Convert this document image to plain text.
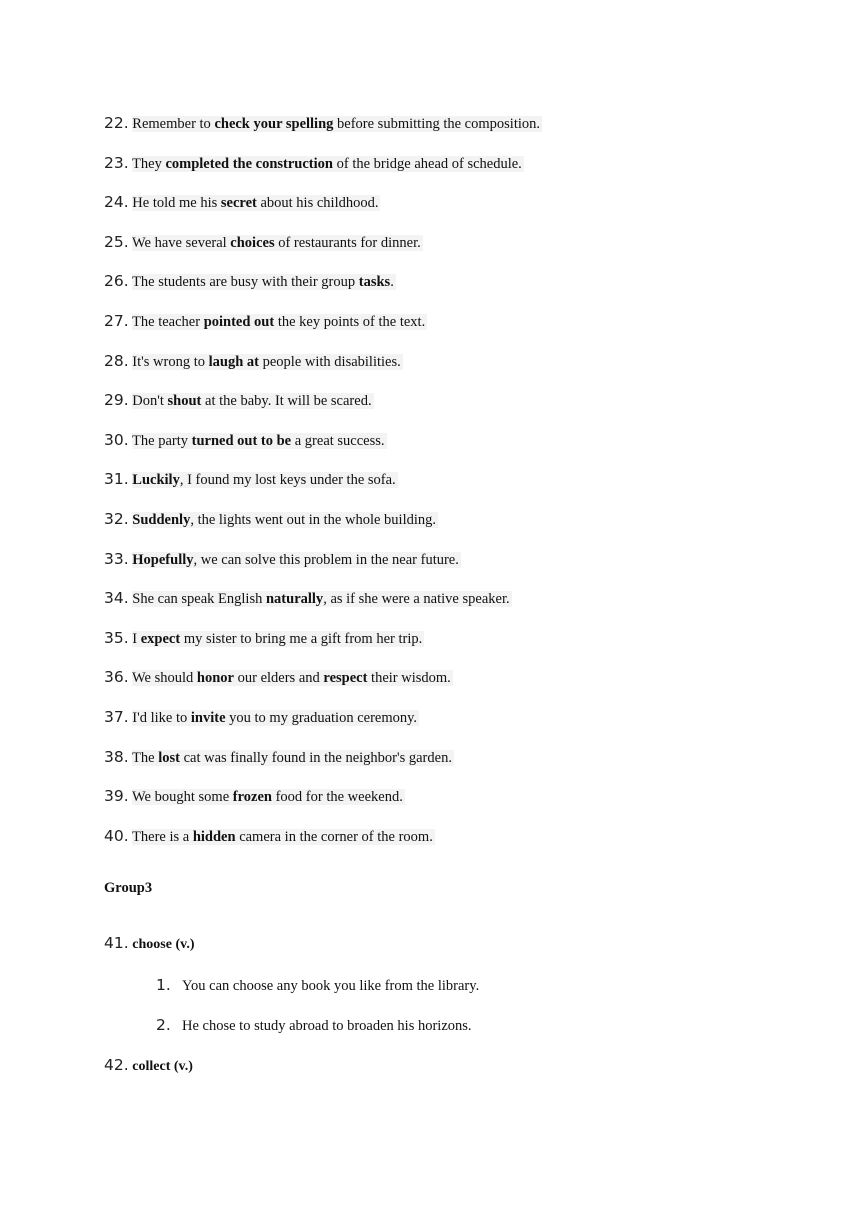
22. Remember to check your spelling before submitting the composition.
23. They completed the construction of the bridge ahead of schedule.
24. He told me his secret about his childhood.
25. We have several choices of restaurants for dinner.
26. The students are busy with their group tasks.
27. The teacher pointed out the key points of the text.
28. It's wrong to laugh at people with disabilities.
29. Don't shout at the baby. It will be scared.
30. The party turned out to be a great success.
31. Luckily, I found my lost keys under the sofa.
32. Suddenly, the lights went out in the whole building.
33. Hopefully, we can solve this problem in the near future.
34. She can speak English naturally, as if she were a native speaker.
35. I expect my sister to bring me a gift from her trip.
36. We should honor our elders and respect their wisdom.
37. I'd like to invite you to my graduation ceremony.
38. The lost cat was finally found in the neighbor's garden.
39. We bought some frozen food for the weekend.
40. There is a hidden camera in the corner of the room.
Group3
41. choose (v.)
1. You can choose any book you like from the library.
2. He chose to study abroad to broaden his horizons.
42. collect (v.)
